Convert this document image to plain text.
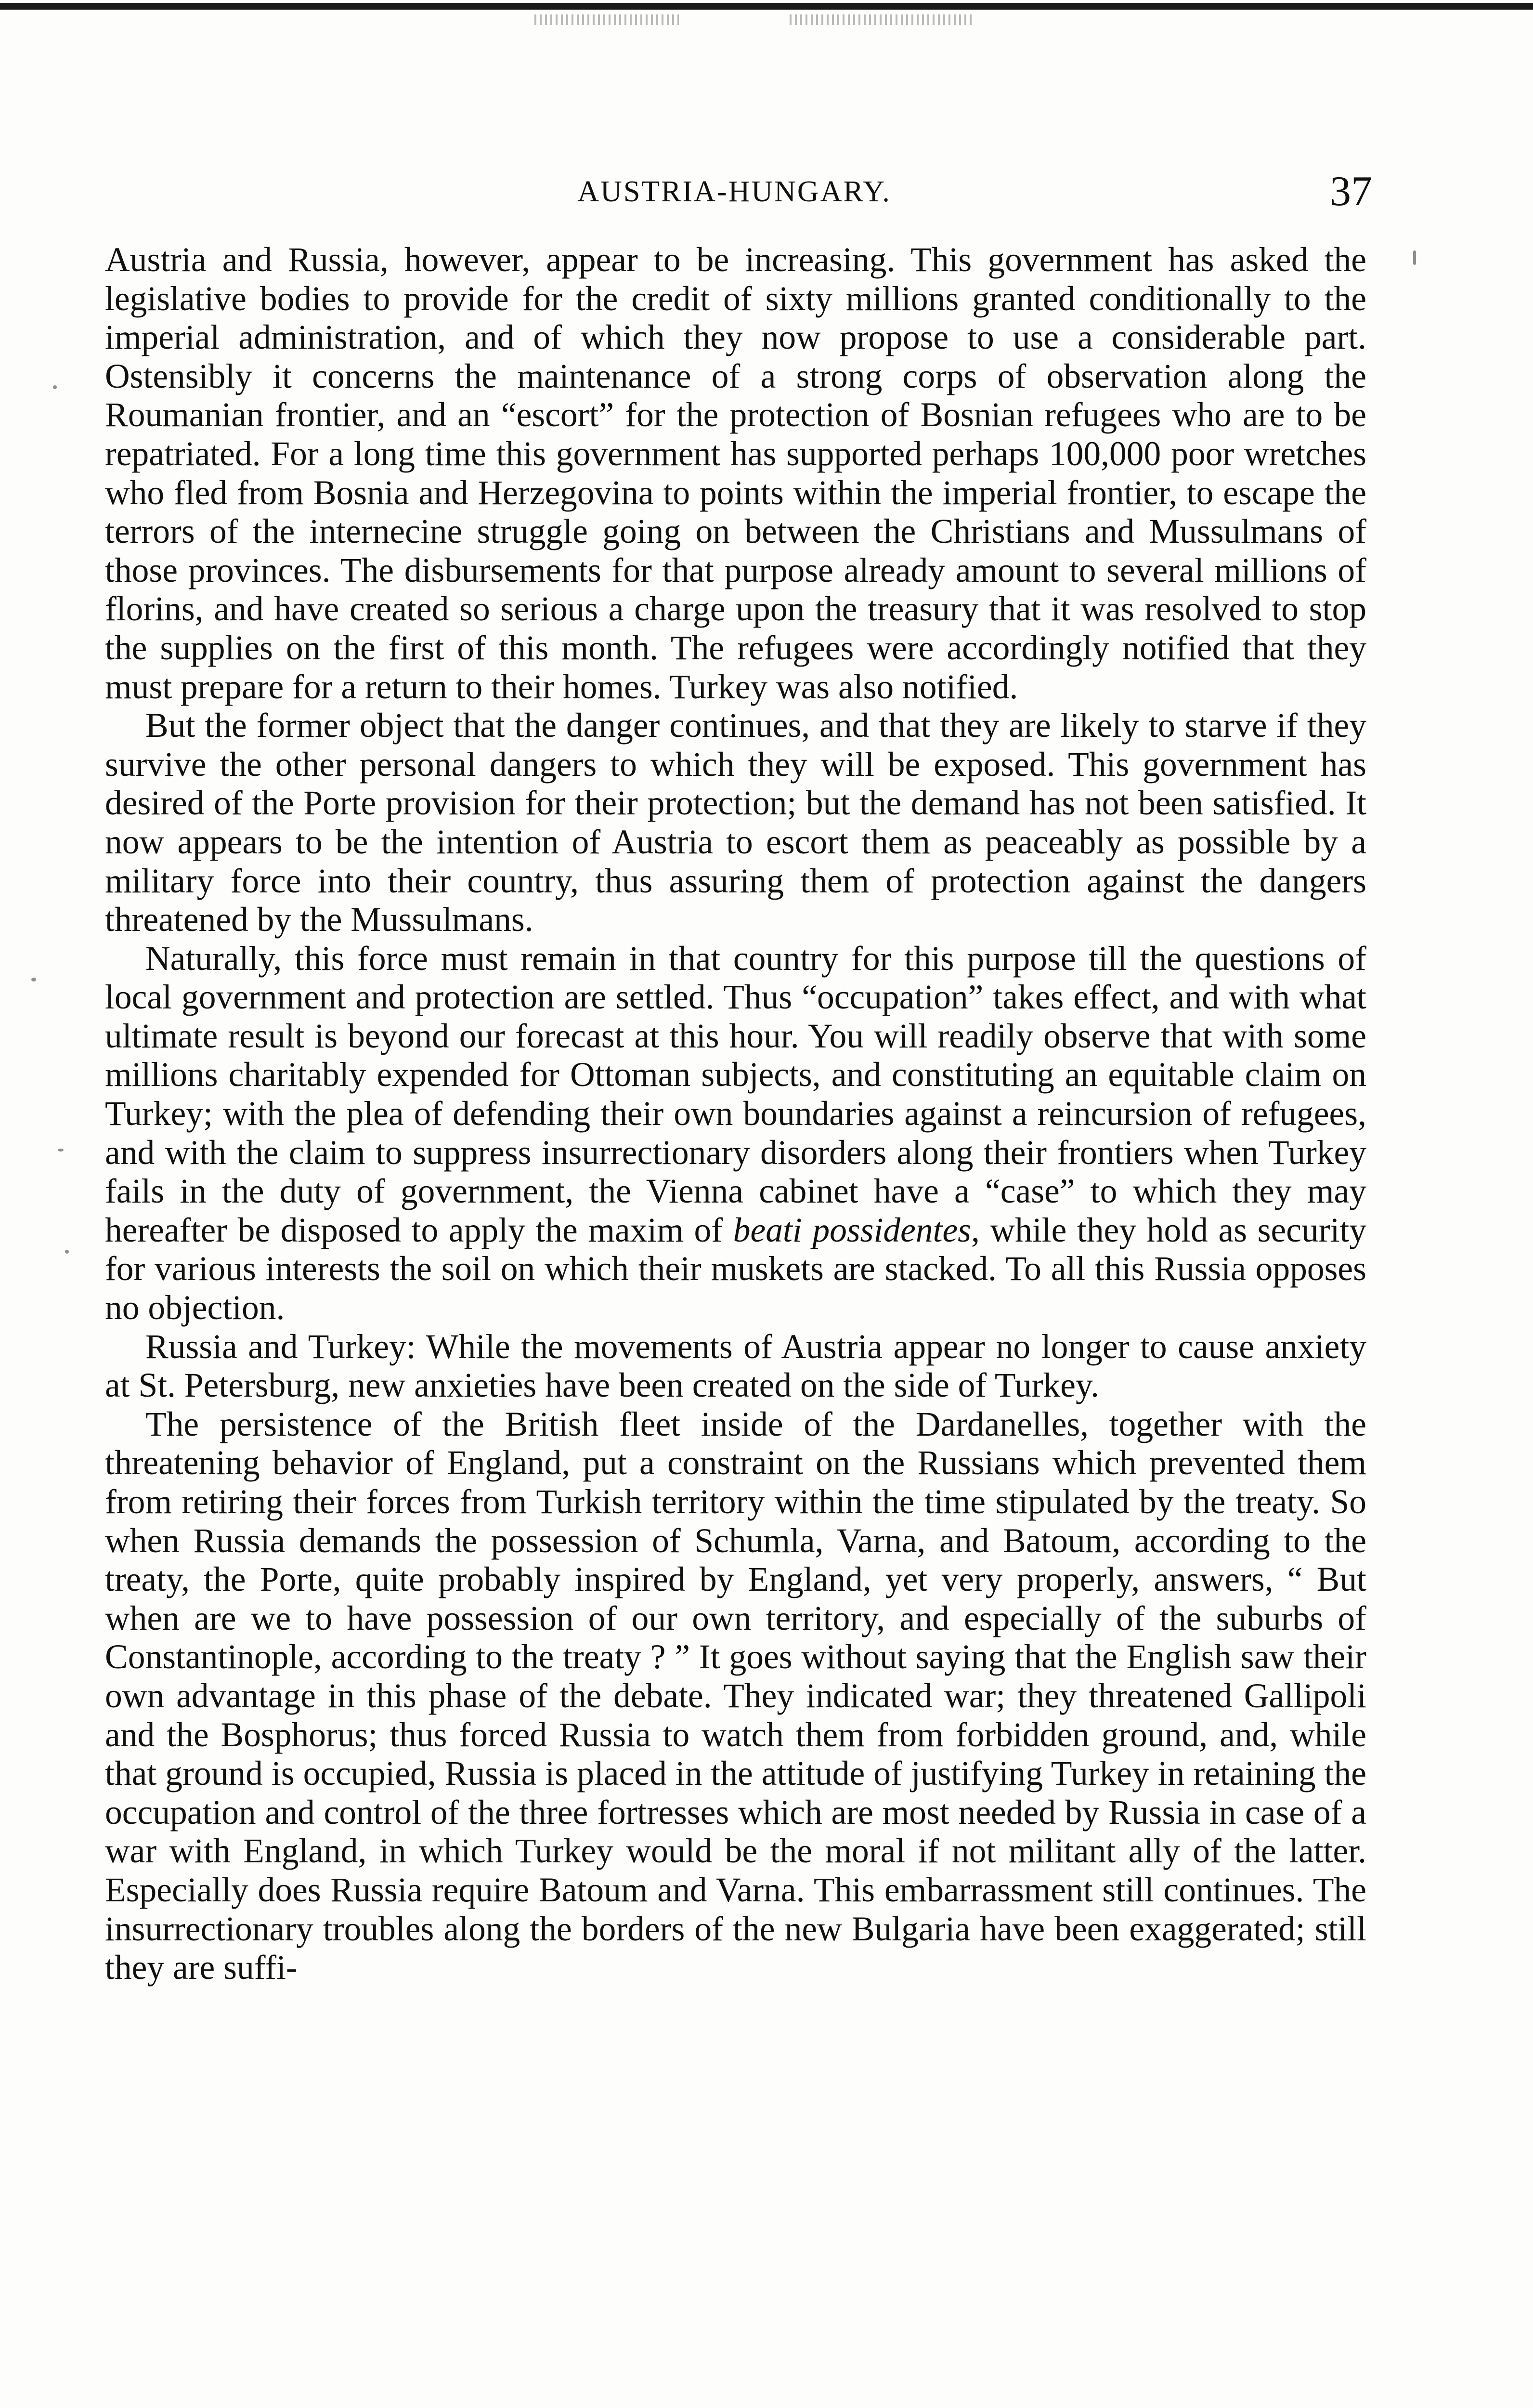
AUSTRIA-HUNGARY.	37

Austria and Russia, however, appear to be increasing. This government has asked the legislative bodies to provide for the credit of sixty millions granted conditionally to the imperial administration, and of which they now propose to use a considerable part. Ostensibly it concerns the maintenance of a strong corps of observation along the Roumanian frontier, and an “escort” for the protection of Bosnian refugees who are to be repatriated. For a long time this government has supported perhaps 100,000 poor wretches who fled from Bosnia and Herzegovina to points within the imperial frontier, to escape the terrors of the internecine struggle going on between the Christians and Mussulmans of those provinces. The disbursements for that purpose already amount to several millions of florins, and have created so serious a charge upon the treasury that it was resolved to stop the supplies on the first of this month. The refugees were accordingly notified that they must prepare for a return to their homes. Turkey was also notified.

But the former object that the danger continues, and that they are likely to starve if they survive the other personal dangers to which they will be exposed. This government has desired of the Porte provision for their protection; but the demand has not been satisfied. It now appears to be the intention of Austria to escort them as peaceably as possible by a military force into their country, thus assuring them of protection against the dangers threatened by the Mussulmans.

Naturally, this force must remain in that country for this purpose till the questions of local government and protection are settled. Thus “occupation” takes effect, and with what ultimate result is beyond our forecast at this hour. You will readily observe that with some millions charitably expended for Ottoman subjects, and constituting an equitable claim on Turkey; with the plea of defending their own boundaries against a reincursion of refugees, and with the claim to suppress insurrectionary disorders along their frontiers when Turkey fails in the duty of government, the Vienna cabinet have a “case” to which they may hereafter be disposed to apply the maxim of beati possidentes, while they hold as security for various interests the soil on which their muskets are stacked. To all this Russia opposes no objection.

Russia and Turkey: While the movements of Austria appear no longer to cause anxiety at St. Petersburg, new anxieties have been created on the side of Turkey.

The persistence of the British fleet inside of the Dardanelles, together with the threatening behavior of England, put a constraint on the Russians which prevented them from retiring their forces from Turkish territory within the time stipulated by the treaty. So when Russia demands the possession of Schumla, Varna, and Batoum, according to the treaty, the Porte, quite probably inspired by England, yet very properly, answers, “ But when are we to have possession of our own territory, and especially of the suburbs of Constantinople, according to the treaty ? ” It goes without saying that the English saw their own advantage in this phase of the debate. They indicated war; they threatened Gallipoli and the Bosphorus; thus forced Russia to watch them from forbidden ground, and, while that ground is occupied, Russia is placed in the attitude of justifying Turkey in retaining the occupation and control of the three fortresses which are most needed by Russia in case of a war with England, in which Turkey would be the moral if not militant ally of the latter. Especially does Russia require Batoum and Varna. This embarrassment still continues. The insurrectionary troubles along the borders of the new Bulgaria have been exaggerated; still they are suffi-
